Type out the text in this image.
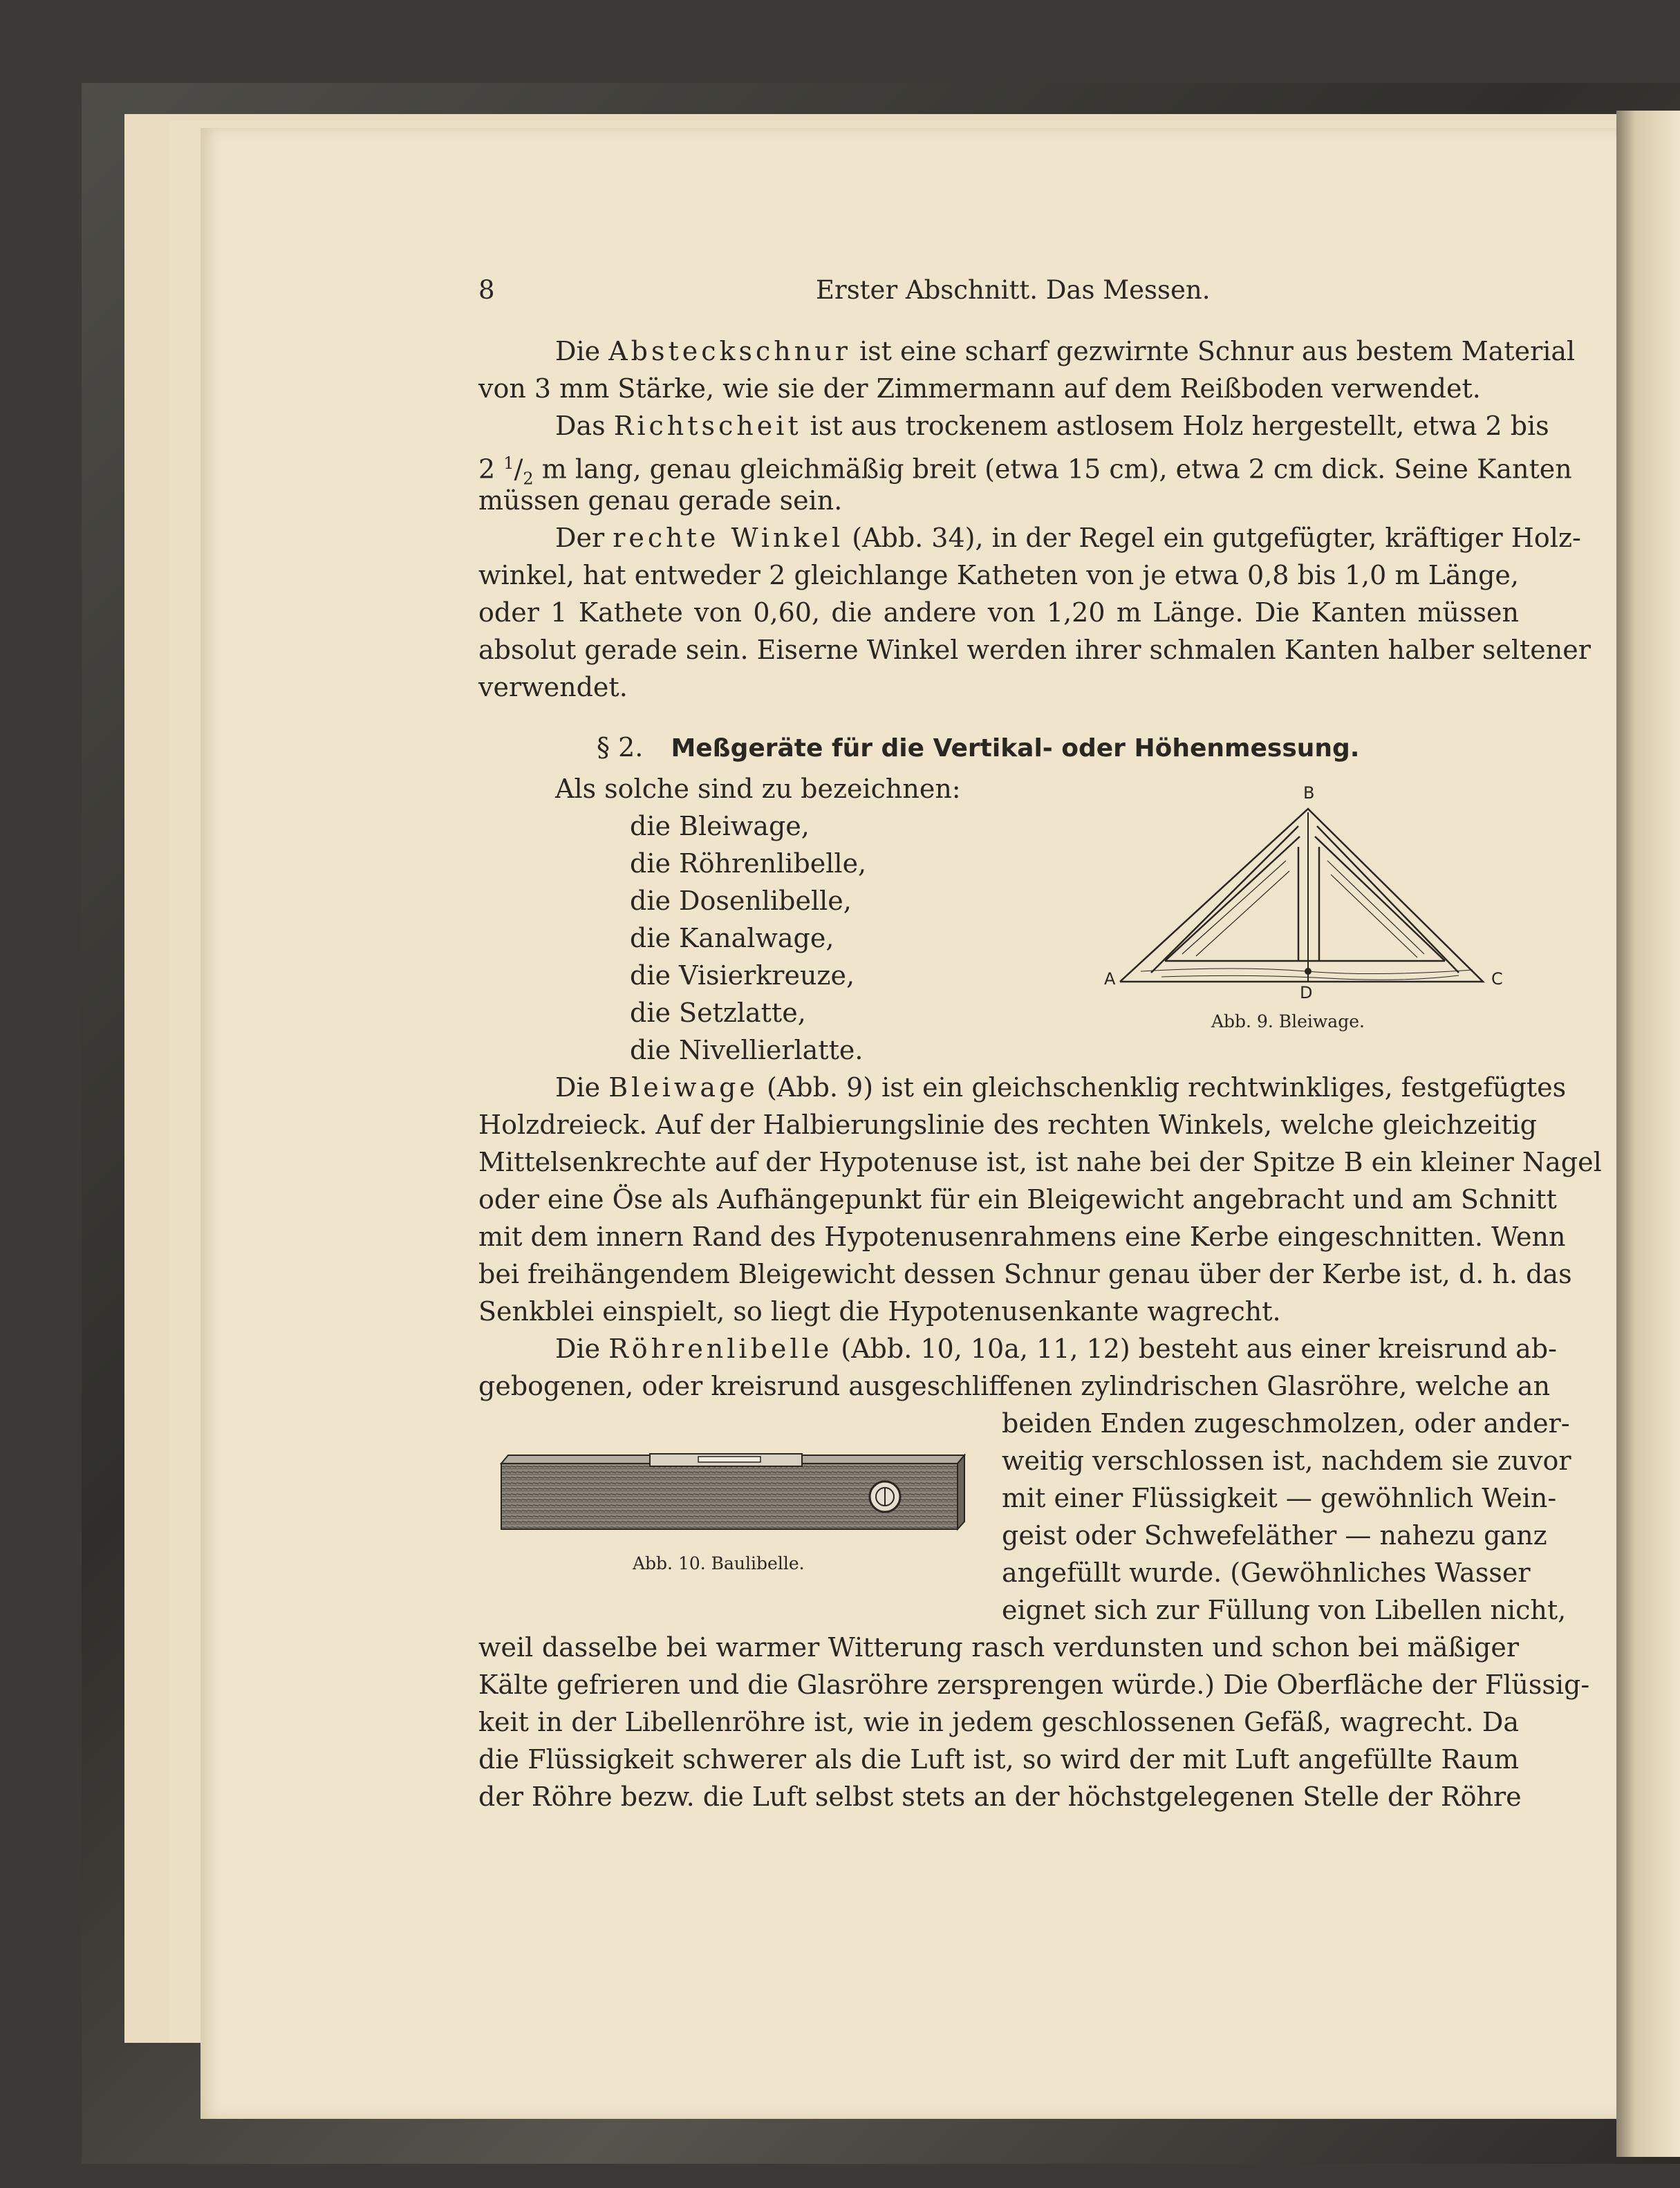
8	Erster Abschnitt. Das Messen.
Die Absteckschnur ist eine scharf gezwirnte Schnur aus bestem Material
von 3 mm Stärke, wie sie der Zimmermann auf dem Reißboden verwendet.
Das Richtscheit ist aus trockenem astlosem Holz hergestellt, etwa 2 bis
2 $^1/_2$ m lang, genau gleichmäßig breit (etwa 15 cm), etwa 2 cm dick. Seine Kanten
müssen genau gerade sein.
Der rechte Winkel (Abb. 34), in der Regel ein gutgefügter, kräftiger Holz-
winkel, hat entweder 2 gleichlange Katheten von je etwa 0,8 bis 1,0 m Länge,
oder 1 Kathete von 0,60, die andere von 1,20 m Länge. Die Kanten müssen
absolut gerade sein. Eiserne Winkel werden ihrer schmalen Kanten halber seltener
verwendet.
§ 2. Meßgeräte für die Vertikal- oder Höhenmessung.
Als solche sind zu bezeichnen:
die Bleiwage,
die Röhrenlibelle,
die Dosenlibelle,
die Kanalwage,
die Visierkreuze,
die Setzlatte,
die Nivellierlatte.
Die Bleiwage (Abb. 9) ist ein gleichschenklig rechtwinkliges, festgefügtes
Holzdreieck. Auf der Halbierungslinie des rechten Winkels, welche gleichzeitig
Mittelsenkrechte auf der Hypotenuse ist, ist nahe bei der Spitze B ein kleiner Nagel
oder eine Öse als Aufhängepunkt für ein Bleigewicht angebracht und am Schnitt
mit dem innern Rand des Hypotenusenrahmens eine Kerbe eingeschnitten. Wenn
bei freihängendem Bleigewicht dessen Schnur genau über der Kerbe ist, d. h. das
Senkblei einspielt, so liegt die Hypotenusenkante wagrecht.
Die Röhrenlibelle (Abb. 10, 10a, 11, 12) besteht aus einer kreisrund ab-
gebogenen, oder kreisrund ausgeschliffenen zylindrischen Glasröhre, welche an
beiden Enden zugeschmolzen, oder ander-
weitig verschlossen ist, nachdem sie zuvor
mit einer Flüssigkeit — gewöhnlich Wein-
geist oder Schwefeläther — nahezu ganz
angefüllt wurde. (Gewöhnliches Wasser
eignet sich zur Füllung von Libellen nicht,
weil dasselbe bei warmer Witterung rasch verdunsten und schon bei mäßiger
Kälte gefrieren und die Glasröhre zersprengen würde.) Die Oberfläche der Flüssig-
keit in der Libellenröhre ist, wie in jedem geschlossenen Gefäß, wagrecht. Da
die Flüssigkeit schwerer als die Luft ist, so wird der mit Luft angefüllte Raum
der Röhre bezw. die Luft selbst stets an der höchstgelegenen Stelle der Röhre
B
A	C
D
Abb. 9. Bleiwage.
Abb. 10. Baulibelle.
